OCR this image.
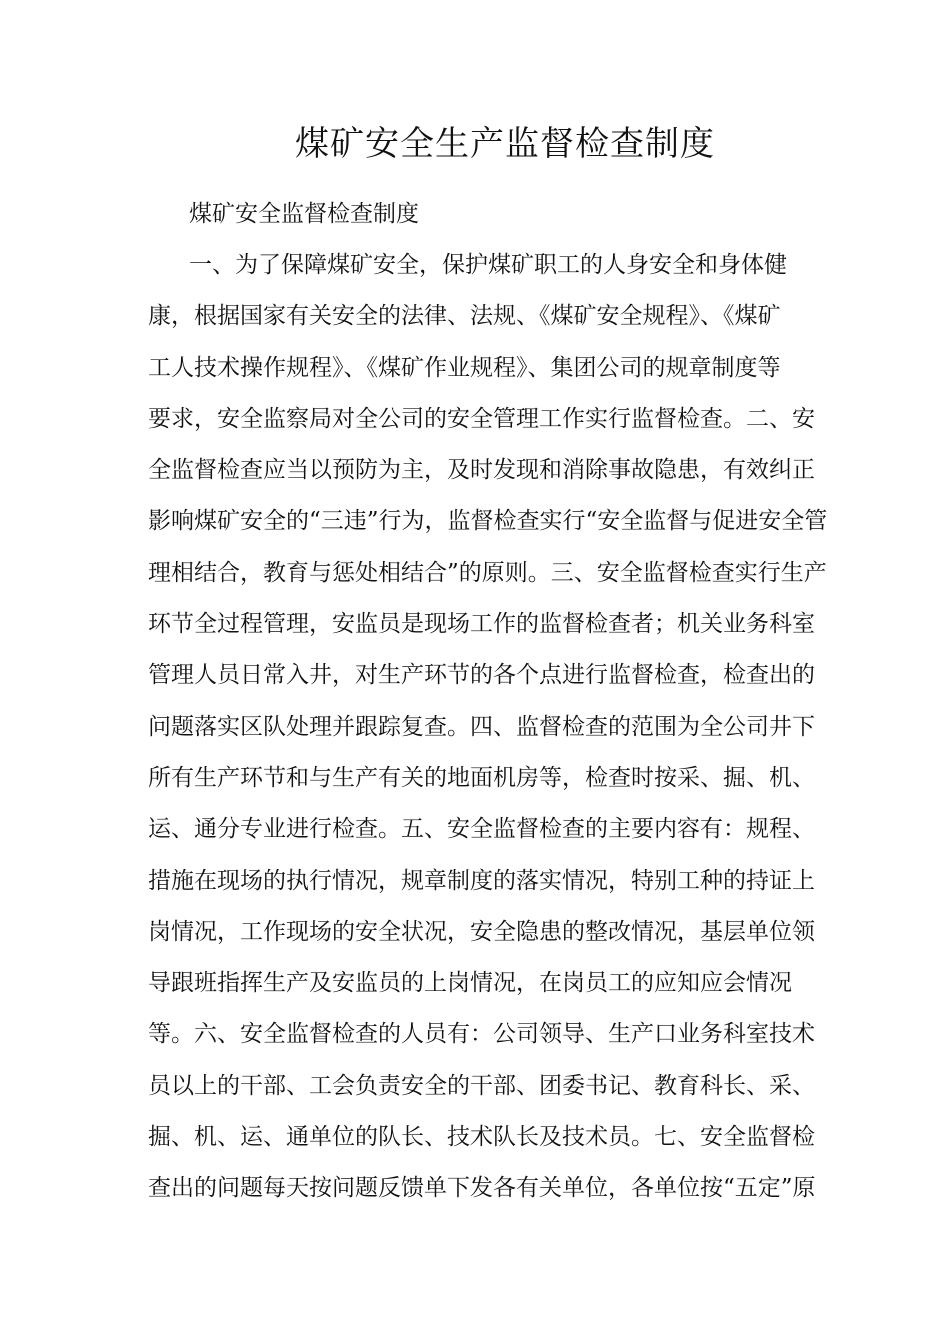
煤矿安全生产监督检查制度
煤矿安全监督检查制度
一、为了保障煤矿安全，保护煤矿职工的人身安全和身体健
康，根据国家有关安全的法律、法规、《煤矿安全规程》、《煤矿
工人技术操作规程》、《煤矿作业规程》、集团公司的规章制度等
要求，安全监察局对全公司的安全管理工作实行监督检查。二、安
全监督检查应当以预防为主，及时发现和消除事故隐患，有效纠正
影响煤矿安全的“三违”行为，监督检查实行“安全监督与促进安全管
理相结合，教育与惩处相结合”的原则。三、安全监督检查实行生产
环节全过程管理，安监员是现场工作的监督检查者；机关业务科室
管理人员日常入井，对生产环节的各个点进行监督检查，检查出的
问题落实区队处理并跟踪复查。四、监督检查的范围为全公司井下
所有生产环节和与生产有关的地面机房等，检查时按采、掘、机、
运、通分专业进行检查。五、安全监督检查的主要内容有：规程、
措施在现场的执行情况，规章制度的落实情况，特别工种的持证上
岗情况，工作现场的安全状况，安全隐患的整改情况，基层单位领
导跟班指挥生产及安监员的上岗情况，在岗员工的应知应会情况
等。六、安全监督检查的人员有：公司领导、生产口业务科室技术
员以上的干部、工会负责安全的干部、团委书记、教育科长、采、
掘、机、运、通单位的队长、技术队长及技术员。七、安全监督检
查出的问题每天按问题反馈单下发各有关单位，各单位按“五定”原
